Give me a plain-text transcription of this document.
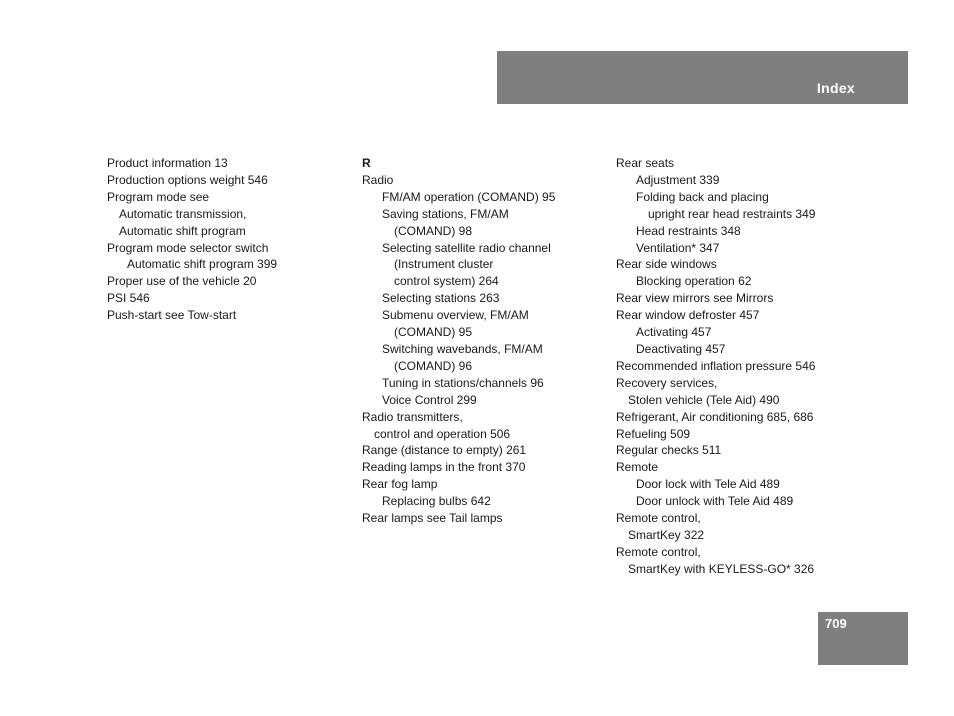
Index
Product information 13
Production options weight 546
Program mode see
Automatic transmission,
Automatic shift program
Program mode selector switch
Automatic shift program 399
Proper use of the vehicle 20
PSI 546
Push-start see Tow-start
R
Radio
FM/AM operation (COMAND) 95
Saving stations, FM/AM
(COMAND) 98
Selecting satellite radio channel
(Instrument cluster
control system) 264
Selecting stations 263
Submenu overview, FM/AM
(COMAND) 95
Switching wavebands, FM/AM
(COMAND) 96
Tuning in stations/channels 96
Voice Control 299
Radio transmitters,
control and operation 506
Range (distance to empty) 261
Reading lamps in the front 370
Rear fog lamp
Replacing bulbs 642
Rear lamps see Tail lamps
Rear seats
Adjustment 339
Folding back and placing
upright rear head restraints 349
Head restraints 348
Ventilation* 347
Rear side windows
Blocking operation 62
Rear view mirrors see Mirrors
Rear window defroster 457
Activating 457
Deactivating 457
Recommended inflation pressure 546
Recovery services,
Stolen vehicle (Tele Aid) 490
Refrigerant, Air conditioning 685, 686
Refueling 509
Regular checks 511
Remote
Door lock with Tele Aid 489
Door unlock with Tele Aid 489
Remote control,
SmartKey 322
Remote control,
SmartKey with KEYLESS-GO* 326
709
